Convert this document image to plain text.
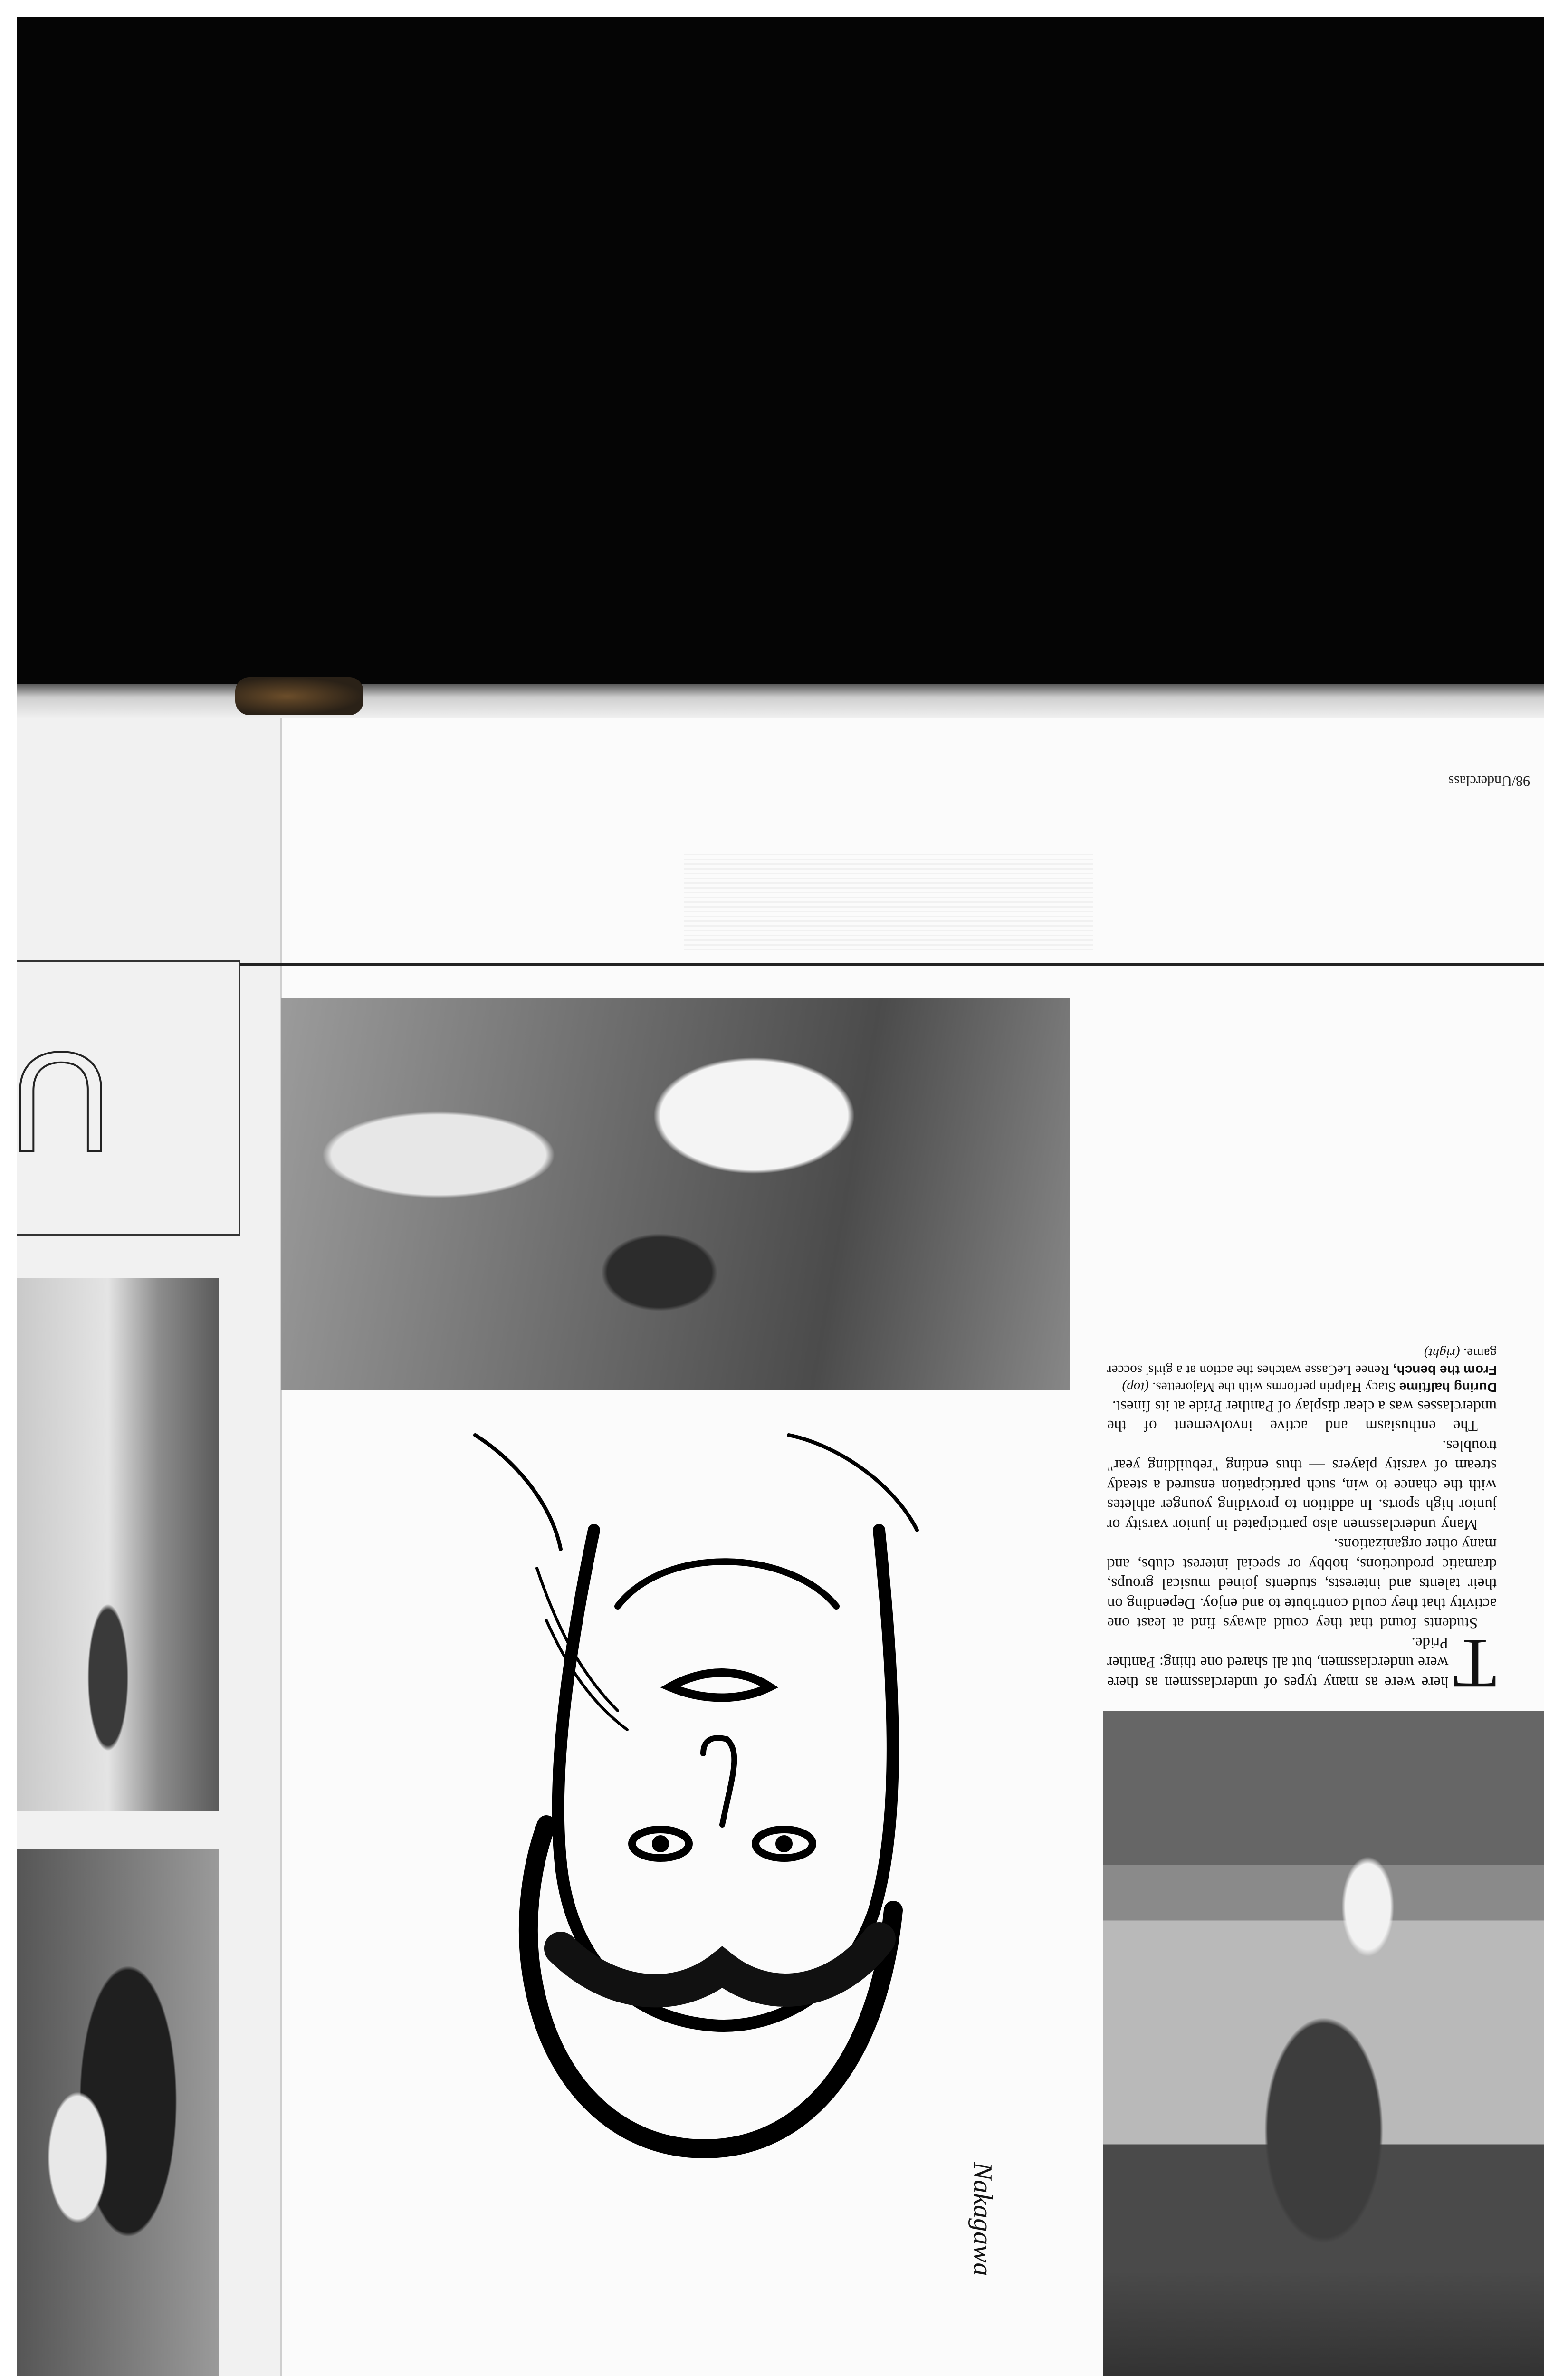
U
Nakagawa
98/Underclass

T
here were as many types of underclassmen as there were underclassmen, but all shared one thing: Panther Pride.

Students found that they could always find at least one activity that they could contribute to and enjoy. Depending on their talents and interests, students joined musical groups, dramatic productions, hobby or special interest clubs, and many other organizations.

Many underclassmen also participated in junior varsity or junior high sports. In addition to providing younger athletes with the chance to win, such participation ensured a steady stream of varsity players — thus ending "rebuilding year" troubles.

The enthusiasm and active involvement of the underclasses was a clear display of Panther Pride at its finest.

During halftime Stacy Halprin performs with the Majorettes. (top)

From the bench, Renee LeCasse watches the action at a girls' soccer game. (right)
